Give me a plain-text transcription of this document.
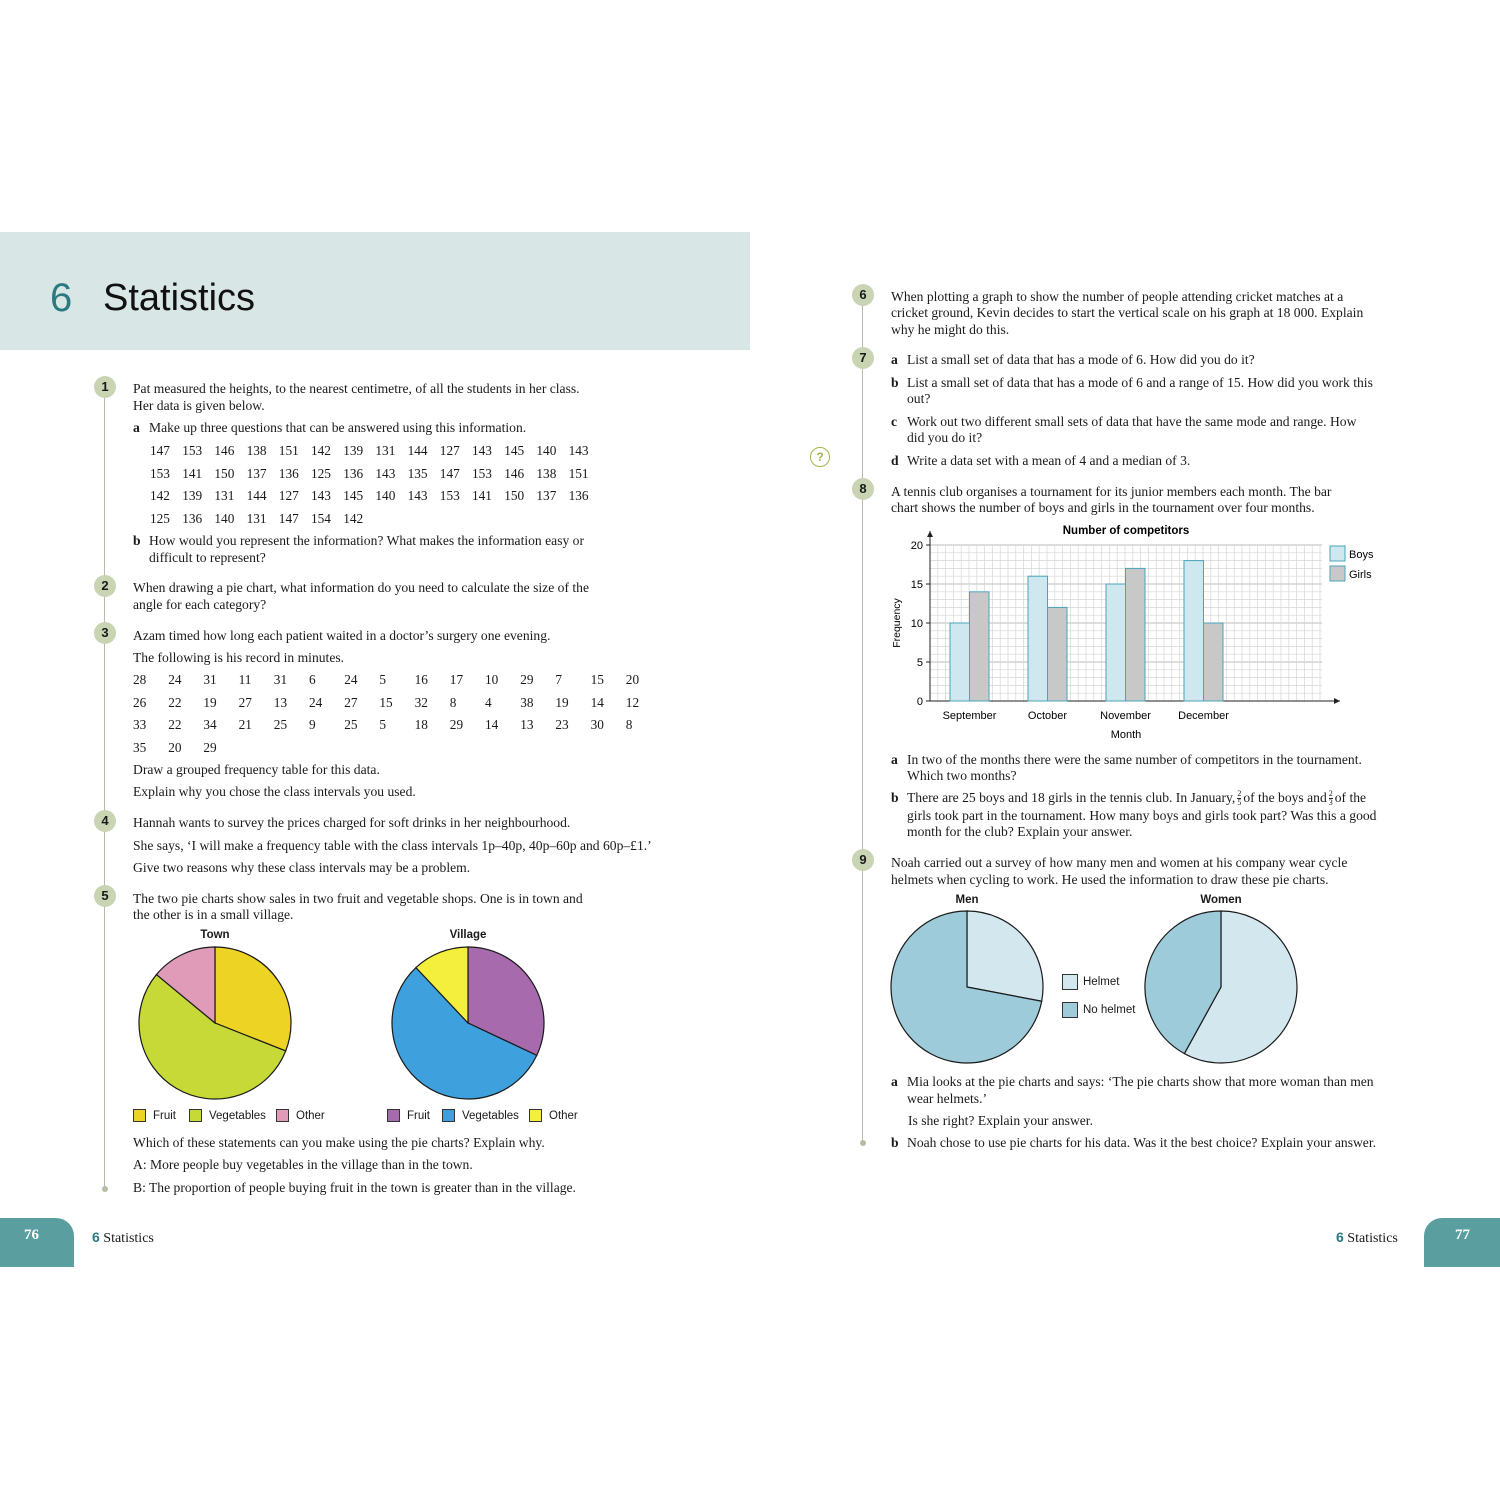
6 Statistics
1	Pat measured the heights, to the nearest centimetre, of all the students in her class.
Her data is given below.
a Make up three questions that can be answered using this information.
147 153 146 138 151 142 139 131 144 127 143 145 140 143
153 141 150 137 136 125 136 143 135 147 153 146 138 151
142 139 131 144 127 143 145 140 143 153 141 150 137 136
125 136 140 131 147 154 142
b How would you represent the information? What makes the information easy or
difficult to represent?
2	When drawing a pie chart, what information do you need to calculate the size of the
angle for each category?
3	Azam timed how long each patient waited in a doctor’s surgery one evening.
The following is his record in minutes.
28	24	31	11	31	6	24	5	16	17	10	29	7	15	20
26	22	19	27	13	24	27	15	32	8	4	38	19	14	12
33	22	34	21	25	9	25	5	18	29	14	13	23	30	8
35	20	29
Draw a grouped frequency table for this data.
Explain why you chose the class intervals you used.
4	Hannah wants to survey the prices charged for soft drinks in her neighbourhood.
She says, ‘I will make a frequency table with the class intervals 1p–40p, 40p–60p and 60p–£1.’
Give two reasons why these class intervals may be a problem.
5	The two pie charts show sales in two fruit and vegetable shops. One is in town and
the other is in a small village.
Town	Village
Fruit	Vegetables	Other	Fruit	Vegetables	Other
Which of these statements can you make using the pie charts? Explain why.
A: More people buy vegetables in the village than in the town.
B: The proportion of people buying fruit in the town is greater than in the village.
6	When plotting a graph to show the number of people attending cricket matches at a
cricket ground, Kevin decides to start the vertical scale on his graph at 18 000. Explain
why he might do this.
7	a List a small set of data that has a mode of 6. How did you do it?
b List a small set of data that has a mode of 6 and a range of 15. How did you work this
out?
c Work out two different small sets of data that have the same mode and range. How
did you do it?
?	d Write a data set with a mean of 4 and a median of 3.
8	A tennis club organises a tournament for its junior members each month. The bar
chart shows the number of boys and girls in the tournament over four months.
0
5
10
15
20
September	October	November December
Number of competitors
Month
Frequency
Boys
Girls
a In two of the months there were the same number of competitors in the tournament.
Which two months?
b There are 25 boys and 18 girls in the tennis club. In January, $\frac{2}{5}$ of the boys and $\frac{2}{3}$ of the
girls took part in the tournament. How many boys and girls took part? Was this a good
month for the club? Explain your answer.
9	Noah carried out a survey of how many men and women at his company wear cycle
helmets when cycling to work. He used the information to draw these pie charts.
Men	Women
Helmet
No helmet
a Mia looks at the pie charts and says: ‘The pie charts show that more woman than men
wear helmets.’
Is she right? Explain your answer.
b Noah chose to use pie charts for his data. Was it the best choice? Explain your answer.
76	6 Statistics	77
6 Statistics
